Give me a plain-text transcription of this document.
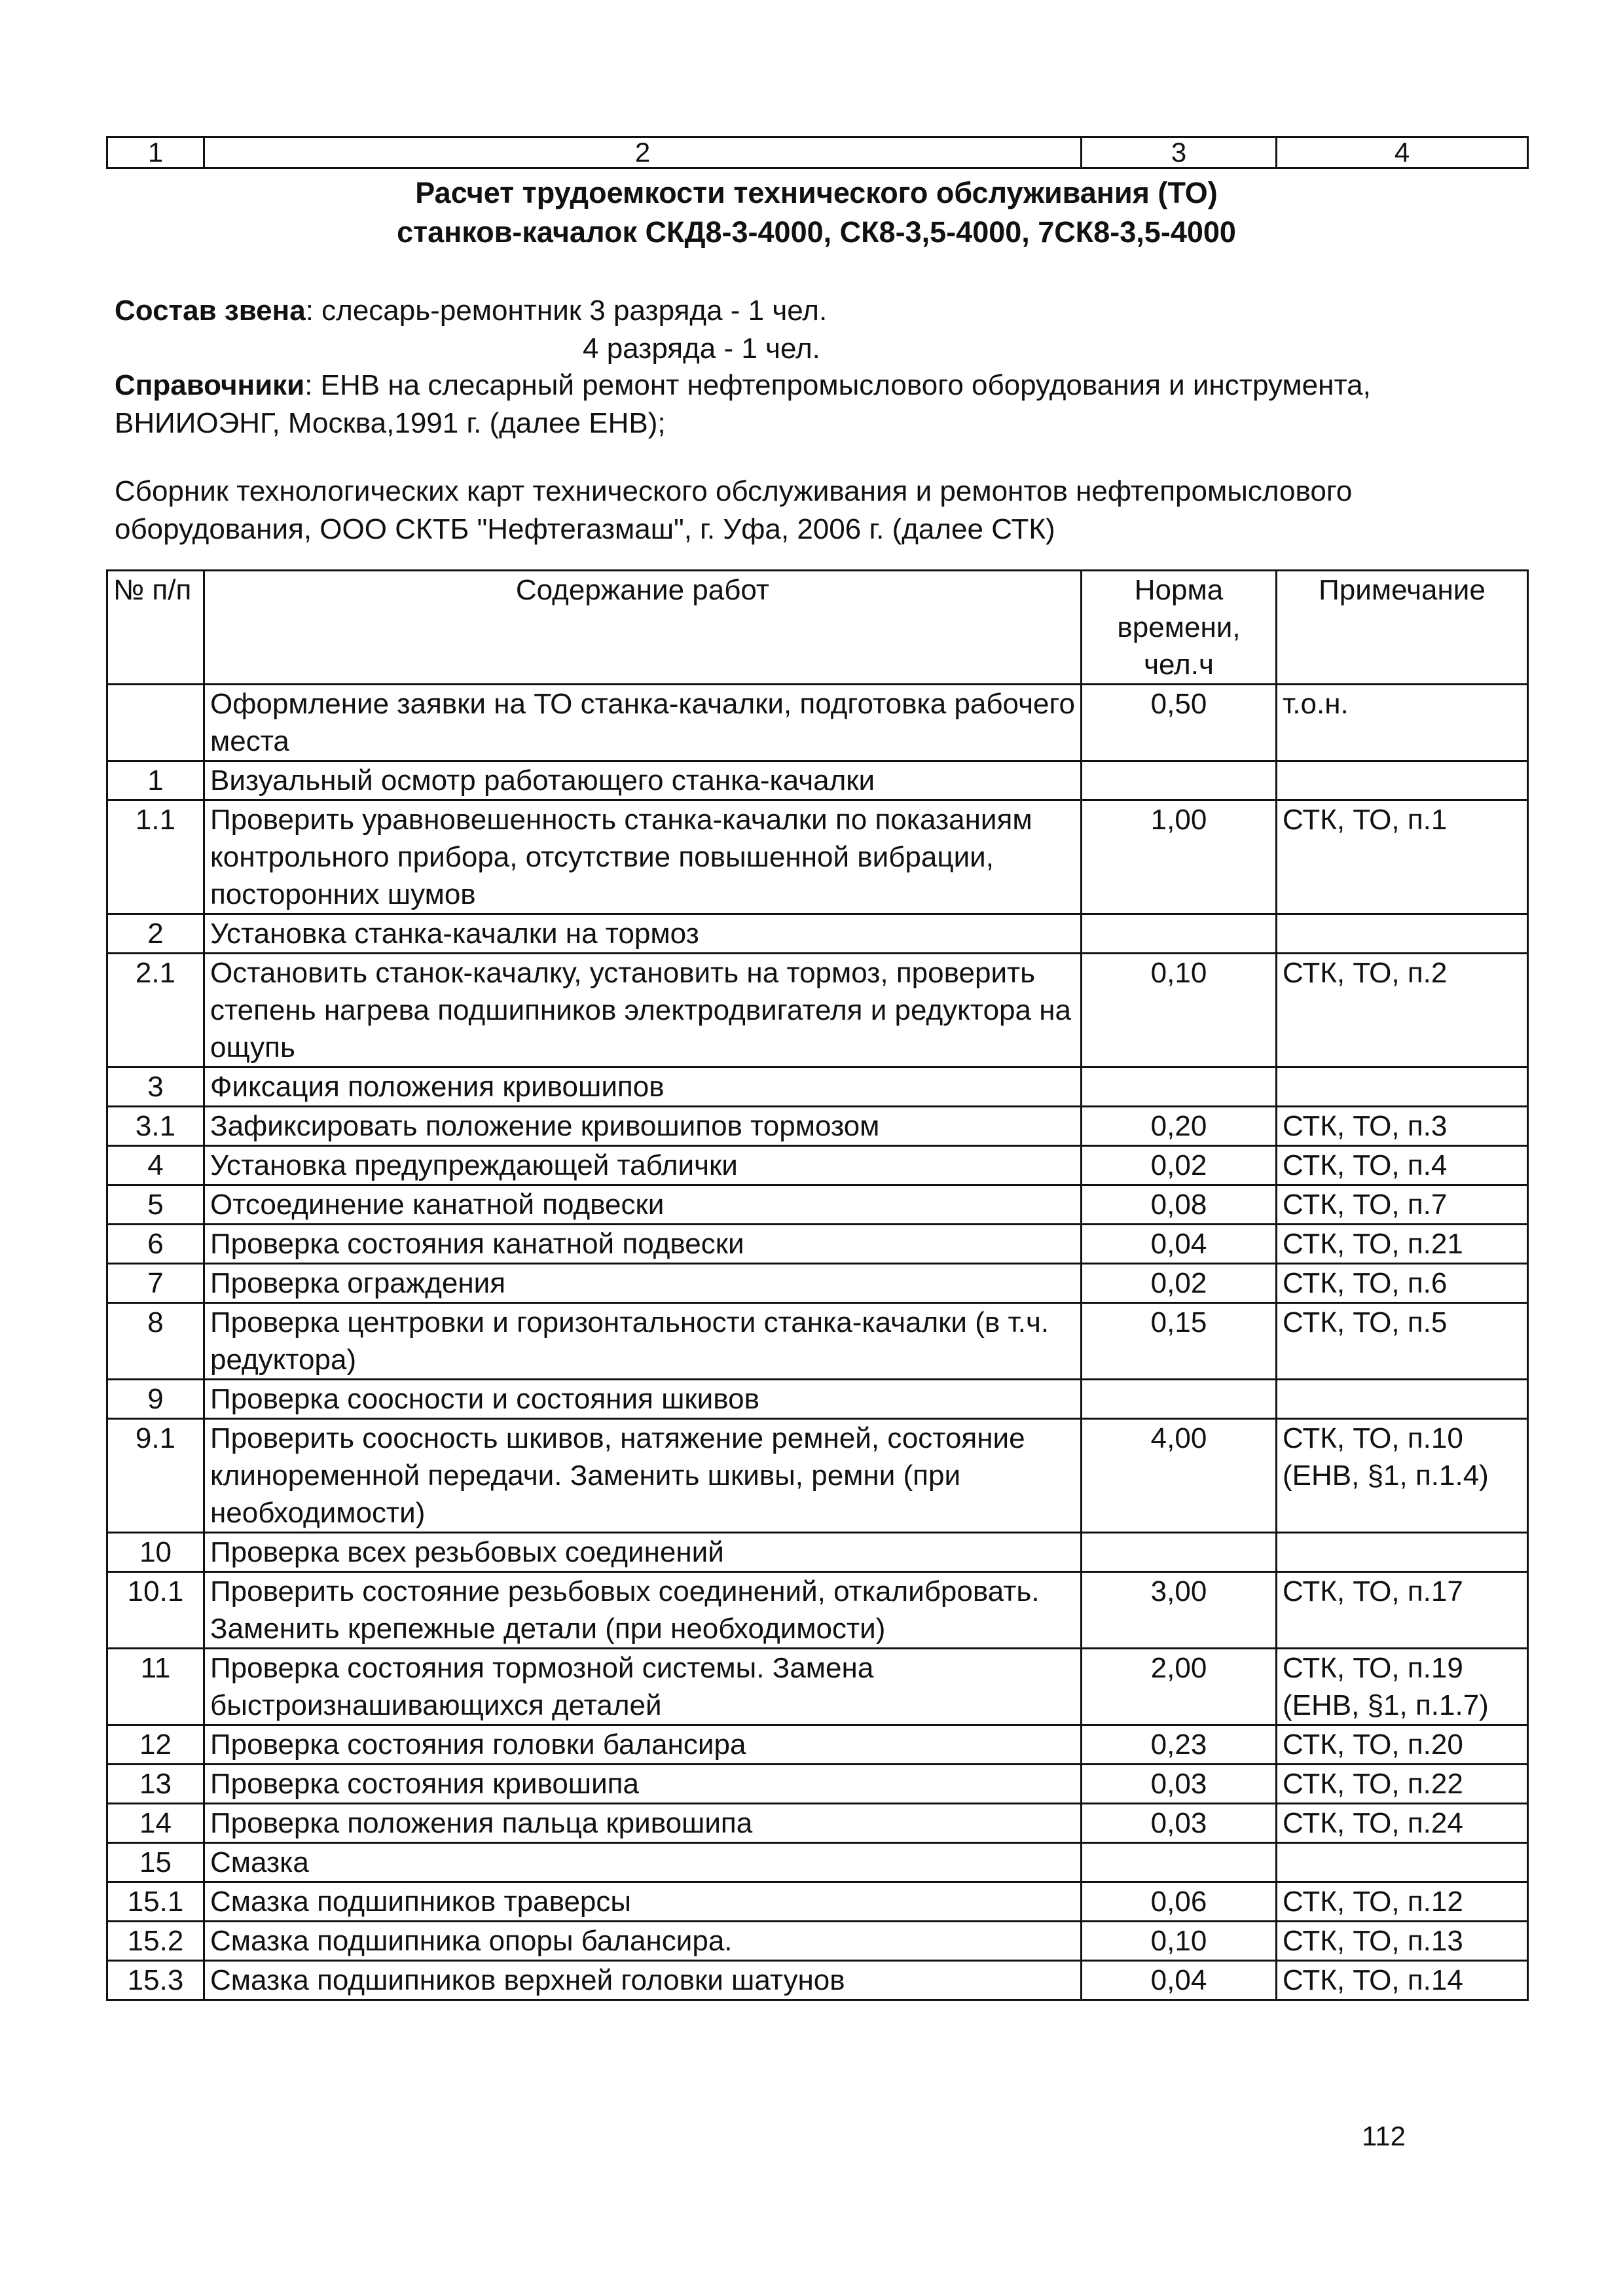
1	2	3	4
Расчет трудоемкости технического обслуживания (ТО)
станков-качалок СКД8-3-4000, СК8-3,5-4000, 7СК8-3,5-4000
Состав звена: слесарь-ремонтник 3 разряда - 1 чел.
4 разряда - 1 чел.
Справочники: ЕНВ на слесарный ремонт нефтепромыслового оборудования и инструмента,
ВНИИОЭНГ, Москва,1991 г. (далее ЕНВ);
Сборник технологических карт технического обслуживания и ремонтов нефтепромыслового
оборудования, ООО СКТБ "Нефтегазмаш", г. Уфа, 2006 г. (далее СТК)
№ п/п	Содержание работ	Норма времени, чел.ч	Примечание
	Оформление заявки на ТО станка-качалки, подготовка рабочего места	0,50	т.о.н.
1	Визуальный осмотр работающего станка-качалки		
1.1	Проверить уравновешенность станка-качалки по показаниям контрольного прибора, отсутствие повышенной вибрации, посторонних шумов	1,00	СТК, ТО, п.1
2	Установка станка-качалки на тормоз		
2.1	Остановить станок-качалку, установить на тормоз, проверить степень нагрева подшипников электродвигателя и редуктора на ощупь	0,10	СТК, ТО, п.2
3	Фиксация положения кривошипов		
3.1	Зафиксировать положение кривошипов тормозом	0,20	СТК, ТО, п.3
4	Установка предупреждающей таблички	0,02	СТК, ТО, п.4
5	Отсоединение канатной подвески	0,08	СТК, ТО, п.7
6	Проверка состояния канатной подвески	0,04	СТК, ТО, п.21
7	Проверка ограждения	0,02	СТК, ТО, п.6
8	Проверка центровки и горизонтальности станка-качалки (в т.ч. редуктора)	0,15	СТК, ТО, п.5
9	Проверка соосности и состояния шкивов		
9.1	Проверить соосность шкивов, натяжение ремней, состояние клиноременной передачи. Заменить шкивы, ремни (при необходимости)	4,00	СТК, ТО, п.10 (ЕНВ, §1, п.1.4)
10	Проверка всех резьбовых соединений		
10.1	Проверить состояние резьбовых соединений, откалибровать. Заменить крепежные детали (при необходимости)	3,00	СТК, ТО, п.17
11	Проверка состояния тормозной системы. Замена быстроизнашивающихся деталей	2,00	СТК, ТО, п.19 (ЕНВ, §1, п.1.7)
12	Проверка состояния головки балансира	0,23	СТК, ТО, п.20
13	Проверка состояния кривошипа	0,03	СТК, ТО, п.22
14	Проверка положения пальца кривошипа	0,03	СТК, ТО, п.24
15	Смазка		
15.1	Смазка подшипников траверсы	0,06	СТК, ТО, п.12
15.2	Смазка подшипника опоры балансира.	0,10	СТК, ТО, п.13
15.3	Смазка подшипников верхней головки шатунов	0,04	СТК, ТО, п.14
112
